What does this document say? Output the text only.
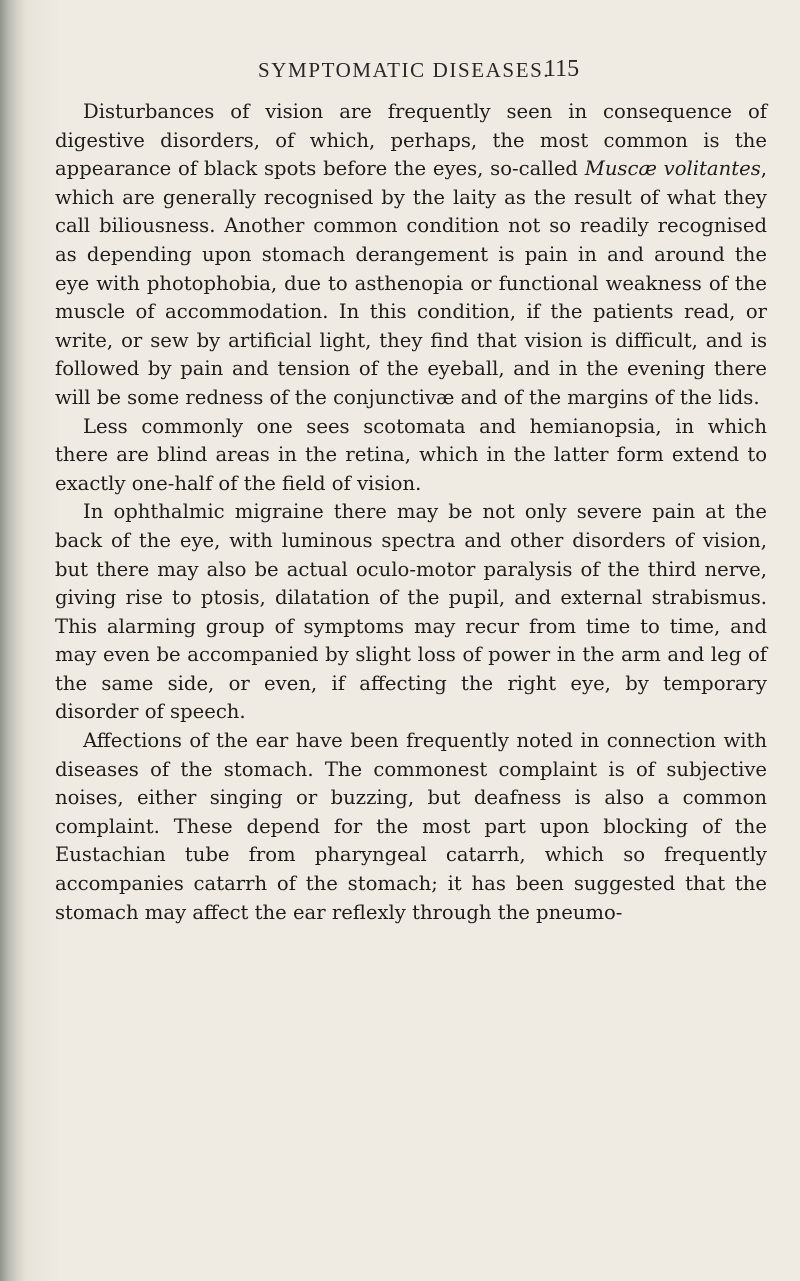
SYMPTOMATIC DISEASES.
115

Disturbances of vision are frequently seen in consequence of digestive disorders, of which, perhaps, the most common is the appearance of black spots before the eyes, so-called Muscæ volitantes, which are generally recognised by the laity as the result of what they call biliousness. Another common condition not so readily recognised as depending upon stomach derangement is pain in and around the eye with photophobia, due to asthenopia or functional weakness of the muscle of accommodation. In this condition, if the patients read, or write, or sew by artificial light, they find that vision is difficult, and is followed by pain and tension of the eyeball, and in the evening there will be some redness of the conjunctivæ and of the margins of the lids.

Less commonly one sees scotomata and hemianopsia, in which there are blind areas in the retina, which in the latter form extend to exactly one-half of the field of vision.

In ophthalmic migraine there may be not only severe pain at the back of the eye, with luminous spectra and other disorders of vision, but there may also be actual oculo-motor paralysis of the third nerve, giving rise to ptosis, dilatation of the pupil, and external strabismus. This alarming group of symptoms may recur from time to time, and may even be accompanied by slight loss of power in the arm and leg of the same side, or even, if affecting the right eye, by temporary disorder of speech.

Affections of the ear have been frequently noted in connection with diseases of the stomach. The commonest complaint is of subjective noises, either singing or buzzing, but deafness is also a common complaint. These depend for the most part upon blocking of the Eustachian tube from pharyngeal catarrh, which so frequently accompanies catarrh of the stomach; it has been suggested that the stomach may affect the ear reflexly through the pneumo-
